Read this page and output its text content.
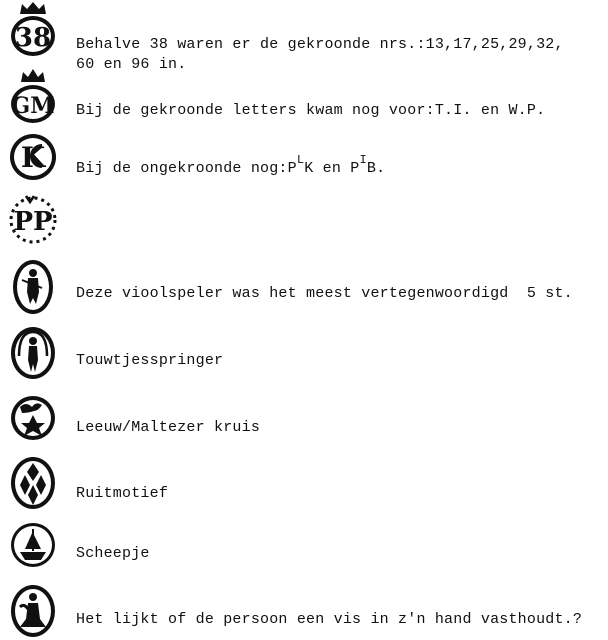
38 Behalve 38 waren er de gekroonde nrs.:13,17,25,29,32,
60 en 96 in.
GM Bij de gekroonde letters kwam nog voor:T.I. en W.P.
K Bij de ongekroonde $nog:P^LK$ en $P^IB$.
PP
Deze vioolspeler was het meest vertegenwoordigd  5 st.
Touwtjesspringer
Leeuw/Maltezer kruis
Ruitmotief
Scheepje
Het lijkt of de persoon een vis in z'n hand vasthoudt.?
